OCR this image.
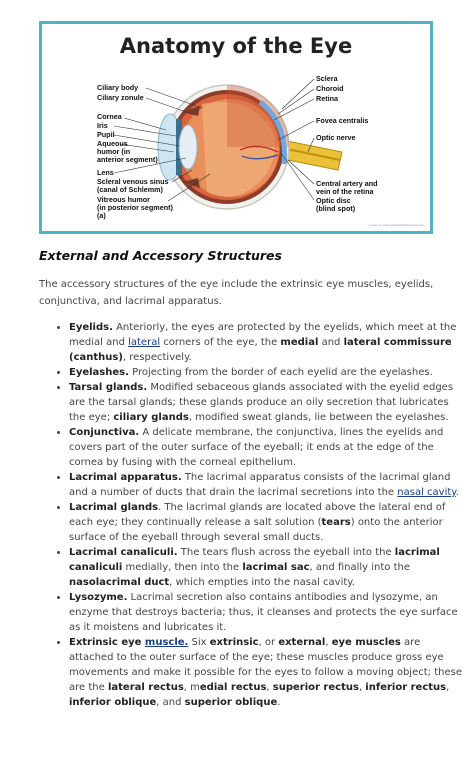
Anatomy of the Eye
Ciliary body
Ciliary zonule
Cornea
Iris
Pupil
Aqueous
humor (in
anterior segment)
Lens
Scleral venous sinus
(canal of Schlemm)
Vitreous humor
(in posterior segment)
(a)
Sclera
Choroid
Retina
Fovea centralis
Optic nerve
Central artery and
vein of the retina
Optic disc
(blind spot)
Image by: Marygraphic/Shutterstock.com
External and Accessory Structures

The accessory structures of the eye include the extrinsic eye muscles, eyelids, conjunctiva, and lacrimal apparatus.

• Eyelids. Anteriorly, the eyes are protected by the eyelids, which meet at the medial and lateral corners of the eye, the medial and lateral commissure (canthus), respectively.
• Eyelashes. Projecting from the border of each eyelid are the eyelashes.
• Tarsal glands. Modified sebaceous glands associated with the eyelid edges are the tarsal glands; these glands produce an oily secretion that lubricates the eye; ciliary glands, modified sweat glands, lie between the eyelashes.
• Conjunctiva. A delicate membrane, the conjunctiva, lines the eyelids and covers part of the outer surface of the eyeball; it ends at the edge of the cornea by fusing with the corneal epithelium.
• Lacrimal apparatus. The lacrimal apparatus consists of the lacrimal gland and a number of ducts that drain the lacrimal secretions into the nasal cavity.
• Lacrimal glands. The lacrimal glands are located above the lateral end of each eye; they continually release a salt solution (tears) onto the anterior surface of the eyeball through several small ducts.
• Lacrimal canaliculi. The tears flush across the eyeball into the lacrimal canaliculi medially, then into the lacrimal sac, and finally into the nasolacrimal duct, which empties into the nasal cavity.
• Lysozyme. Lacrimal secretion also contains antibodies and lysozyme, an enzyme that destroys bacteria; thus, it cleanses and protects the eye surface as it moistens and lubricates it.
• Extrinsic eye muscle. Six extrinsic, or external, eye muscles are attached to the outer surface of the eye; these muscles produce gross eye movements and make it possible for the eyes to follow a moving object; these are the lateral rectus, medial rectus, superior rectus, inferior rectus, inferior oblique, and superior oblique.
